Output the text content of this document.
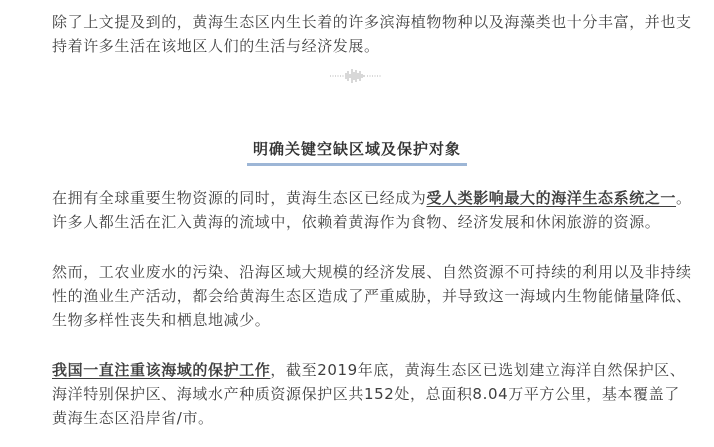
除了上文提及到的，黄海生态区内生长着的许多滨海植物物种以及海藻类也十分丰富，并也支持着许多生活在该地区人们的生活与经济发展。

明确关键空缺区域及保护对象

在拥有全球重要生物资源的同时，黄海生态区已经成为受人类影响最大的海洋生态系统之一。许多人都生活在汇入黄海的流域中，依赖着黄海作为食物、经济发展和休闲旅游的资源。

然而，工农业废水的污染、沿海区域大规模的经济发展、自然资源不可持续的利用以及非持续性的渔业生产活动，都会给黄海生态区造成了严重威胁，并导致这一海域内生物能储量降低、生物多样性丧失和栖息地减少。

我国一直注重该海域的保护工作，截至2019年底，黄海生态区已选划建立海洋自然保护区、海洋特别保护区、海域水产种质资源保护区共152处，总面积8.04万平方公里，基本覆盖了黄海生态区沿岸省/市。
